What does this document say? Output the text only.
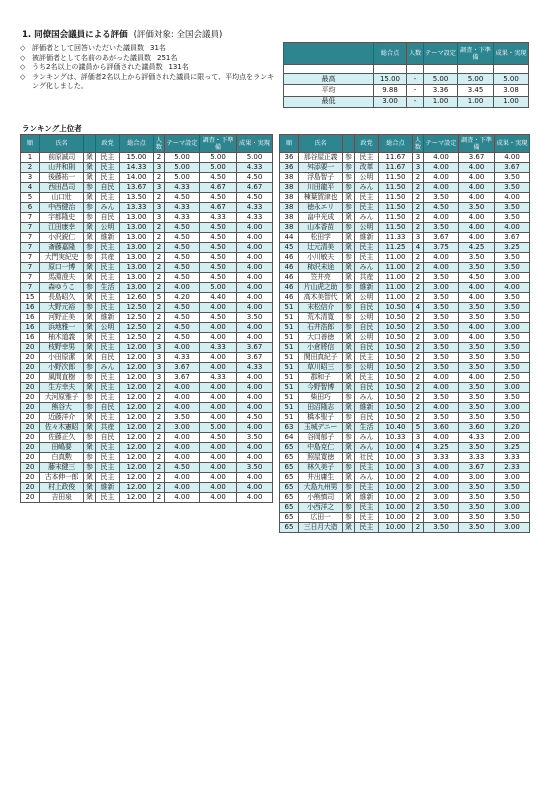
1. 同僚国会議員による評価 (評価対象: 全国会議員)
◇ 評価者として回答いただいた議員数 31名
◇ 被評価者として名前のあがった議員数 251名
◇ うち2名以上の議員から評価された議員数 131名
◇ ランキングは、評価者2名以上から評価された議員に限って、平均点をランキング化しました。
	総合点	人数	テーマ設定	調査・下準備	成果・実現

最高	15.00	-	5.00	5.00	5.00
平均	9.88	-	3.36	3.45	3.08
最低	3.00	-	1.00	1.00	1.00
ランキング上位者
順	氏名		政党	総合点	人数	テーマ設定	調査・下準備	成果・実現
1	前原誠司	衆	民主	15.00	2	5.00	5.00	5.00
2	山井和則	衆	民主	14.33	3	5.00	5.00	4.33
3	後藤祐一	衆	民主	14.00	2	5.00	4.50	4.50
4	西田昌司	参	自民	13.67	3	4.33	4.67	4.67
5	山口壯	衆	民主	13.50	2	4.50	4.50	4.50
6	中西健治	参	みん	13.33	3	4.33	4.67	4.33
7	宇都隆史	参	自民	13.00	3	4.33	4.33	4.33
7	江田康幸	衆	公明	13.00	2	4.50	4.50	4.00
7	小沢鋭仁	衆	維新	13.00	2	4.50	4.50	4.00
7	斎藤嘉隆	参	民主	13.00	2	4.50	4.50	4.00
7	大門実紀史	参	共産	13.00	2	4.50	4.50	4.00
7	原口一博	衆	民主	13.00	2	4.50	4.50	4.00
7	馬淵澄夫	衆	民主	13.00	2	4.50	4.50	4.00
7	森ゆうこ	参	生活	13.00	2	4.00	5.00	4.00
15	長島昭久	衆	民主	12.60	5	4.20	4.40	4.00
16	大野元裕	参	民主	12.50	2	4.50	4.00	4.00
16	河野正美	衆	維新	12.50	2	4.50	4.50	3.50
16	浜地雅一	衆	公明	12.50	2	4.50	4.00	4.00
16	柚木道義	衆	民主	12.50	2	4.50	4.00	4.00
20	枝野幸男	衆	民主	12.00	3	4.00	4.33	3.67
20	小田原潔	衆	自民	12.00	3	4.33	4.00	3.67
20	小野次郎	参	みん	12.00	3	3.67	4.00	4.33
20	風間直樹	参	民主	12.00	3	3.67	4.33	4.00
20	生方幸夫	衆	民主	12.00	2	4.00	4.00	4.00
20	大河原雅子	参	民主	12.00	2	4.00	4.00	4.00
20	熊谷大	参	自民	12.00	2	4.00	4.00	4.00
20	近藤洋介	衆	民主	12.00	2	3.50	4.00	4.50
20	佐々木憲昭	衆	共産	12.00	2	3.00	5.00	4.00
20	佐藤正久	参	自民	12.00	2	4.00	4.50	3.50
20	田嶋要	衆	民主	12.00	2	4.00	4.00	4.00
20	白真勲	参	民主	12.00	2	4.00	4.00	4.00
20	藤末健三	参	民主	12.00	2	4.50	4.00	3.50
20	古本伸一郎	衆	民主	12.00	2	4.00	4.00	4.00
20	村上政俊	衆	維新	12.00	2	4.00	4.00	4.00
20	吉田泉	衆	民主	12.00	2	4.00	4.00	4.00
順	氏名		政党	総合点	人数	テーマ設定	調査・下準備	成果・実現
36	那谷屋正義	参	民主	11.67	3	4.00	3.67	4.00
36	舛添要一	参	改革	11.67	3	4.00	4.00	3.67
38	浮島智子	参	公明	11.50	2	4.00	4.00	3.50
38	川田龍平	参	みん	11.50	2	4.00	4.00	3.50
38	棟葉賀津也	衆	民主	11.50	2	3.50	4.00	4.00
38	徳永エリ	参	民主	11.50	2	4.50	3.50	3.50
38	畠中光成	衆	みん	11.50	2	4.00	4.00	3.50
38	山本香苗	参	公明	11.50	2	3.50	4.00	4.00
44	松田学	衆	維新	11.33	3	3.67	4.00	3.67
45	辻元清美	衆	民主	11.25	4	3.75	4.25	3.25
46	小川敏夫	参	民主	11.00	2	4.00	3.50	3.50
46	柿沢未途	衆	みん	11.00	2	4.00	3.50	3.50
46	笠井亮	衆	共産	11.00	2	3.50	4.50	3.00
46	片山虎之助	参	維新	11.00	2	3.00	4.00	4.00
46	高木美智代	衆	公明	11.00	2	3.50	4.00	3.50
51	末松信介	参	自民	10.50	4	3.50	3.50	3.50
51	荒木清寛	参	公明	10.50	2	3.50	3.50	3.50
51	石井浩郎	参	自民	10.50	2	3.50	4.00	3.00
51	大口善徳	衆	公明	10.50	2	3.00	4.00	3.50
51	小倉將信	衆	自民	10.50	2	3.50	3.50	3.50
51	関田真紀子	衆	民主	10.50	2	3.50	3.50	3.50
51	草川昭三	参	公明	10.50	2	3.50	3.50	3.50
51	郡和子	衆	民主	10.50	2	4.00	4.00	2.50
51	今野智博	衆	自民	10.50	2	4.00	3.50	3.00
51	柴田巧	参	みん	10.50	2	3.50	3.50	3.50
51	田沼隆志	衆	維新	10.50	2	4.00	3.50	3.00
51	橋本聖子	参	自民	10.50	2	3.50	3.50	3.50
63	玉城デニー	衆	生活	10.40	5	3.60	3.60	3.20
64	谷岡郁子	参	みん	10.33	3	4.00	4.33	2.00
65	中島克仁	衆	みん	10.00	4	3.25	3.50	3.25
65	照屋寛徳	衆	社民	10.00	3	3.33	3.33	3.33
65	林久美子	参	民主	10.00	3	4.00	3.67	2.33
65	井出庸生	衆	みん	10.00	2	4.00	3.00	3.00
65	大島九州男	参	民主	10.00	2	3.00	3.50	3.50
65	小熊慎司	衆	維新	10.00	2	3.00	3.50	3.50
65	小西洋之	参	民主	10.00	2	3.50	3.50	3.00
65	広田一	参	民主	10.00	2	3.00	3.50	3.50
65	三日月大造	衆	民主	10.00	2	3.50	3.50	3.00
